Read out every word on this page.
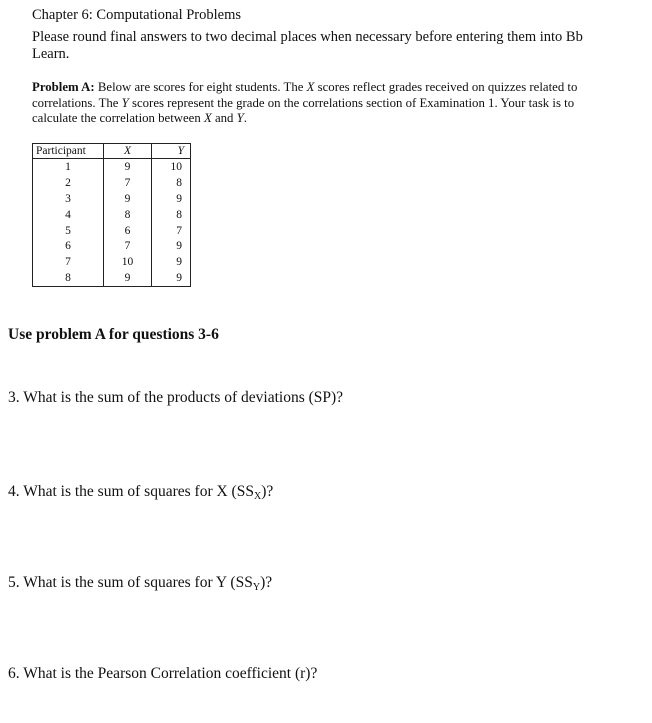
Chapter 6: Computational Problems
Please round final answers to two decimal places when necessary before entering them into Bb Learn.
Problem A: Below are scores for eight students. The X scores reflect grades received on quizzes related to correlations. The Y scores represent the grade on the correlations section of Examination 1. Your task is to calculate the correlation between X and Y.
Participant	X	Y
1	9	10
2	7	8
3	9	9
4	8	8
5	6	7
6	7	9
7	10	9
8	9	9
Use problem A for questions 3-6
3. What is the sum of the products of deviations (SP)?
4. What is the sum of squares for X $(SS_X)$?
5. What is the sum of squares for Y $(SS_Y)$?
6. What is the Pearson Correlation coefficient (r)?
